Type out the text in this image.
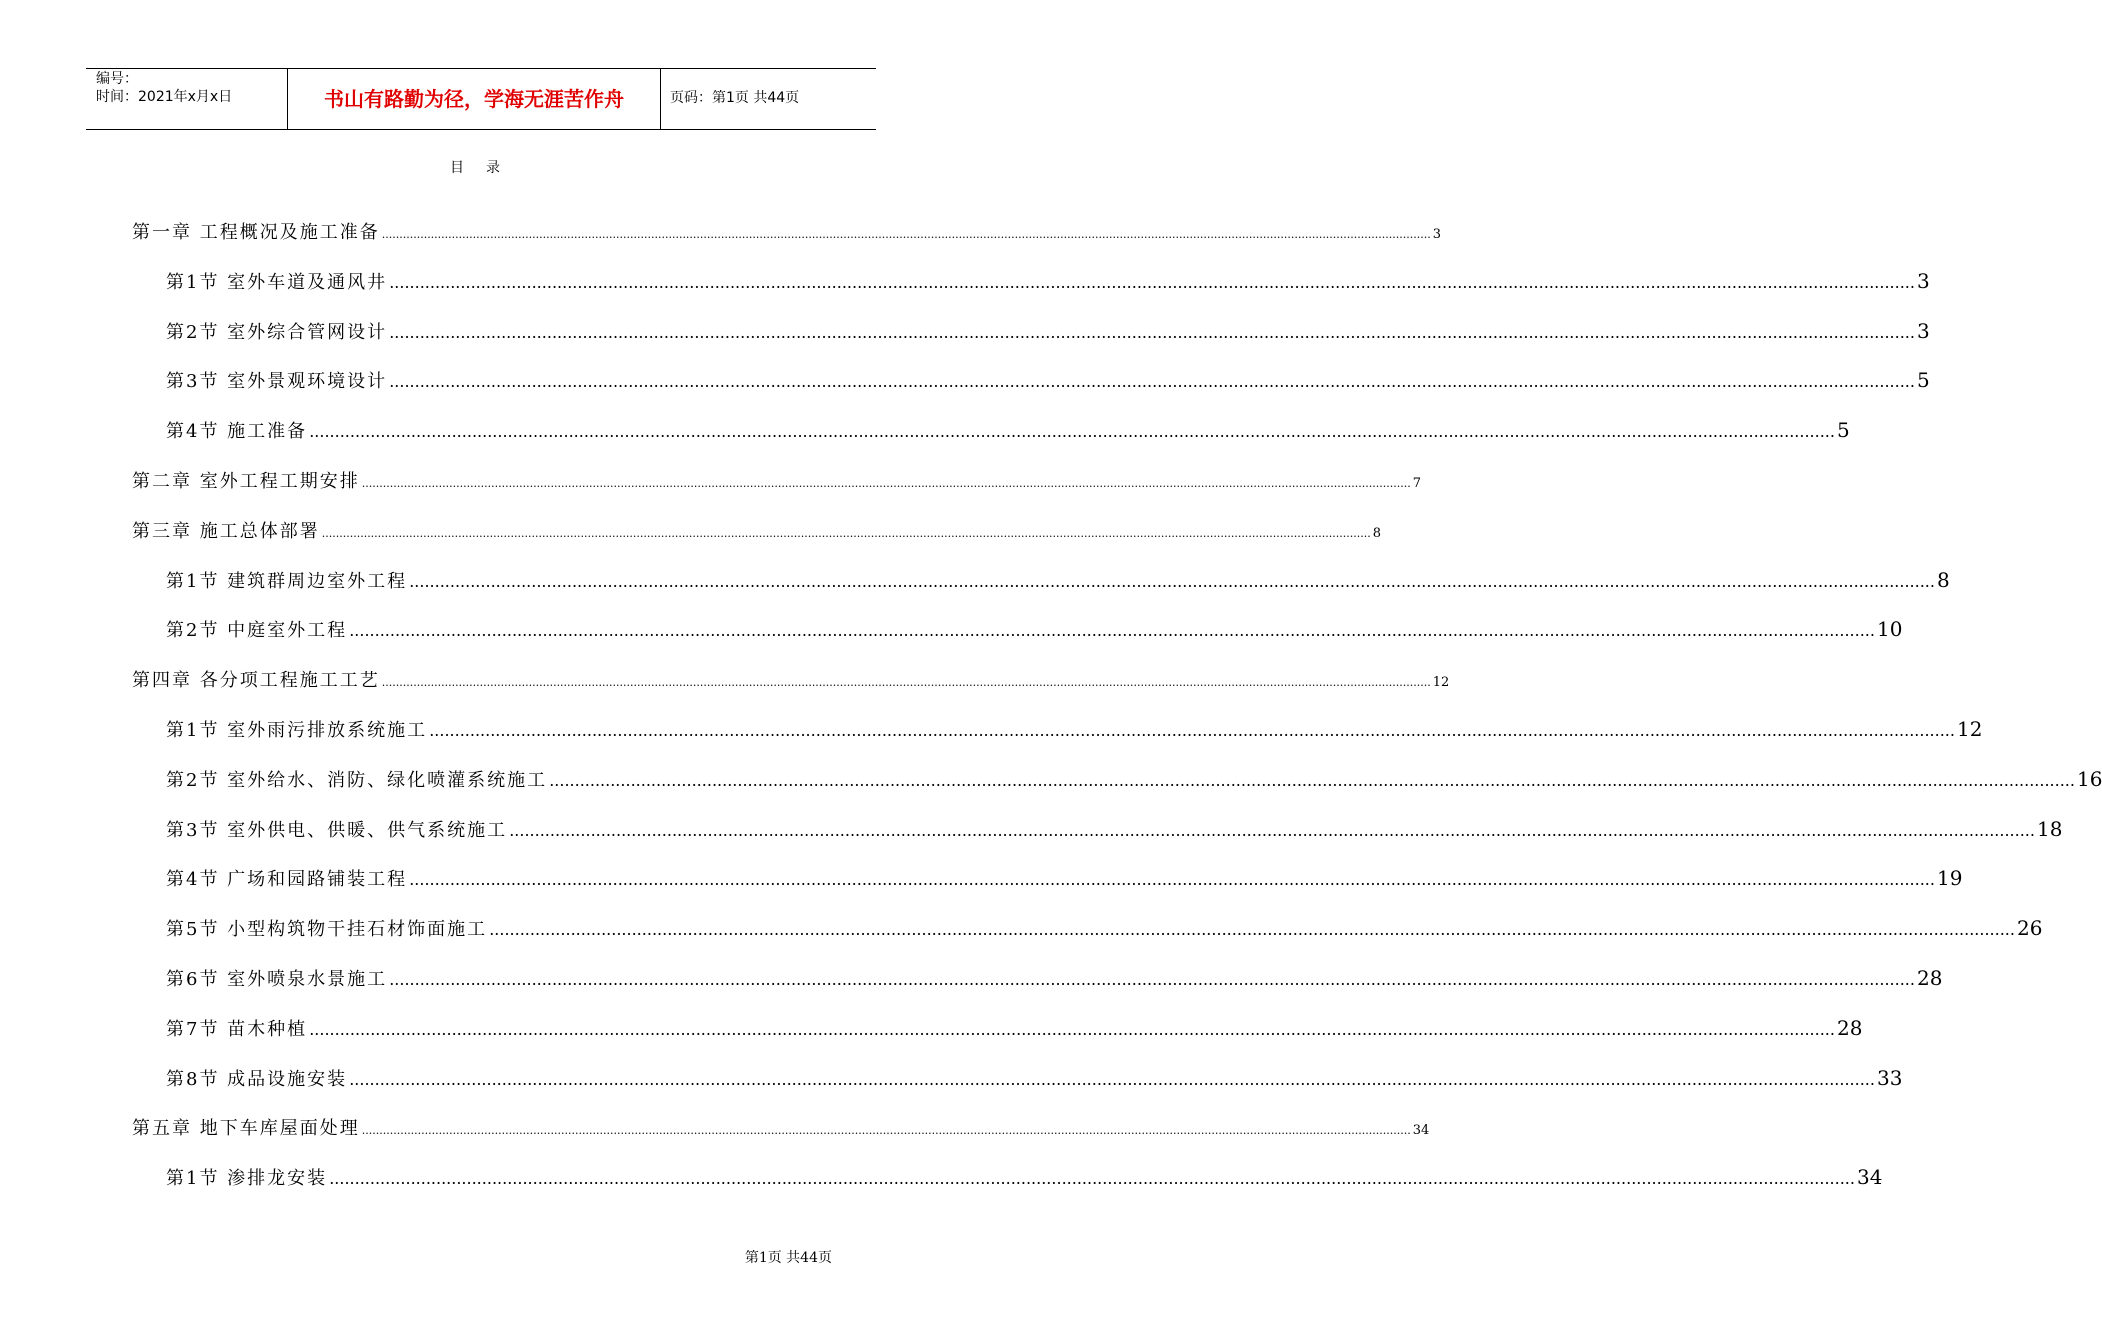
编号：
时间：2021年x月x日	书山有路勤为径，学海无涯苦作舟	页码：第1页 共44页
目录
第一章 工程概况及施工准备 ............................................................................................................................................................................................................................................................................................................ 3
第1节 室外车道及通风井 ............................................................................................................................................................................................................................................................................................................ 3
第2节 室外综合管网设计 ............................................................................................................................................................................................................................................................................................................ 3
第3节 室外景观环境设计 ............................................................................................................................................................................................................................................................................................................ 5
第4节 施工准备 ............................................................................................................................................................................................................................................................................................................ 5
第二章 室外工程工期安排 ............................................................................................................................................................................................................................................................................................................ 7
第三章 施工总体部署 ............................................................................................................................................................................................................................................................................................................ 8
第1节 建筑群周边室外工程 ............................................................................................................................................................................................................................................................................................................ 8
第2节 中庭室外工程 ............................................................................................................................................................................................................................................................................................................ 10
第四章 各分项工程施工工艺 ............................................................................................................................................................................................................................................................................................................ 12
第1节 室外雨污排放系统施工 ............................................................................................................................................................................................................................................................................................................ 12
第2节 室外给水、消防、绿化喷灌系统施工 ............................................................................................................................................................................................................................................................................................................ 16
第3节 室外供电、供暖、供气系统施工 ............................................................................................................................................................................................................................................................................................................ 18
第4节 广场和园路铺装工程 ............................................................................................................................................................................................................................................................................................................ 19
第5节 小型构筑物干挂石材饰面施工 ............................................................................................................................................................................................................................................................................................................ 26
第6节 室外喷泉水景施工 ............................................................................................................................................................................................................................................................................................................ 28
第7节 苗木种植 ............................................................................................................................................................................................................................................................................................................ 28
第8节 成品设施安装 ............................................................................................................................................................................................................................................................................................................ 33
第五章 地下车库屋面处理 ............................................................................................................................................................................................................................................................................................................ 34
第1节 渗排龙安装 ............................................................................................................................................................................................................................................................................................................ 34
第1页 共44页
